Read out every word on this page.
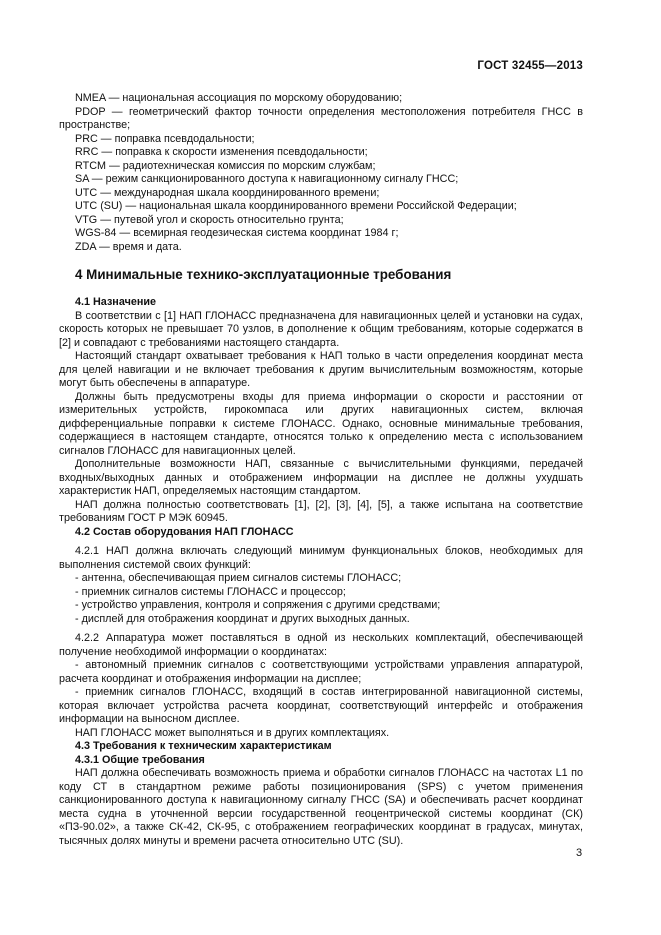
ГОСТ 32455—2013

NMEA — национальная ассоциация по морскому оборудованию;

PDOP — геометрический фактор точности определения местоположения потребителя ГНСС в пространстве;

PRC — поправка псевдодальности;

RRC — поправка к скорости изменения псевдодальности;

RTCM — радиотехническая комиссия по морским службам;

SA — режим санкционированного доступа к навигационному сигналу ГНСС;

UTC — международная шкала координированного времени;

UTC (SU) — национальная шкала координированного времени Российской Федерации;

VTG — путевой угол и скорость относительно грунта;

WGS-84 — всемирная геодезическая система координат 1984 г;

ZDA — время и дата.

4 Минимальные технико-эксплуатационные требования
4.1 Назначение

В соответствии с [1] НАП ГЛОНАСС предназначена для навигационных целей и установки на судах, скорость которых не превышает 70 узлов, в дополнение к общим требованиям, которые содержатся в [2] и совпадают с требованиями настоящего стандарта.

Настоящий стандарт охватывает требования к НАП только в части определения координат места для целей навигации и не включает требования к другим вычислительным возможностям, которые могут быть обеспечены в аппаратуре.

Должны быть предусмотрены входы для приема информации о скорости и расстоянии от измерительных устройств, гирокомпаса или других навигационных систем, включая дифференциальные поправки к системе ГЛОНАСС. Однако, основные минимальные требования, содержащиеся в настоящем стандарте, относятся только к определению места с использованием сигналов ГЛОНАСС для навигационных целей.

Дополнительные возможности НАП, связанные с вычислительными функциями, передачей входных/выходных данных и отображением информации на дисплее не должны ухудшать характеристик НАП, определяемых настоящим стандартом.

НАП должна полностью соответствовать [1], [2], [3], [4], [5], а также испытана на соответствие требованиям ГОСТ Р МЭК 60945.

4.2 Состав оборудования НАП ГЛОНАСС

4.2.1 НАП должна включать следующий минимум функциональных блоков, необходимых для выполнения системой своих функций:

- антенна, обеспечивающая прием сигналов системы ГЛОНАСС;

- приемник сигналов системы ГЛОНАСС и процессор;

- устройство управления, контроля и сопряжения с другими средствами;

- дисплей для отображения координат и других выходных данных.

4.2.2 Аппаратура может поставляться в одной из нескольких комплектаций, обеспечивающей получение необходимой информации о координатах:

- автономный приемник сигналов с соответствующими устройствами управления аппаратурой, расчета координат и отображения информации на дисплее;

- приемник сигналов ГЛОНАСС, входящий в состав интегрированной навигационной системы, которая включает устройства расчета координат, соответствующий интерфейс и отображения информации на выносном дисплее.

НАП ГЛОНАСС может выполняться и в других комплектациях.

4.3 Требования к техническим характеристикам
4.3.1 Общие требования

НАП должна обеспечивать возможность приема и обработки сигналов ГЛОНАСС на частотах L1 по коду СТ в стандартном режиме работы позиционирования (SPS) с учетом применения санкционированного доступа к навигационному сигналу ГНСС (SA) и обеспечивать расчет координат места судна в уточненной версии государственной геоцентрической системы координат (СК) «ПЗ-90.02», а также СК-42, СК-95, с отображением географических координат в градусах, минутах, тысячных долях минуты и времени расчета относительно UTC (SU).

3
